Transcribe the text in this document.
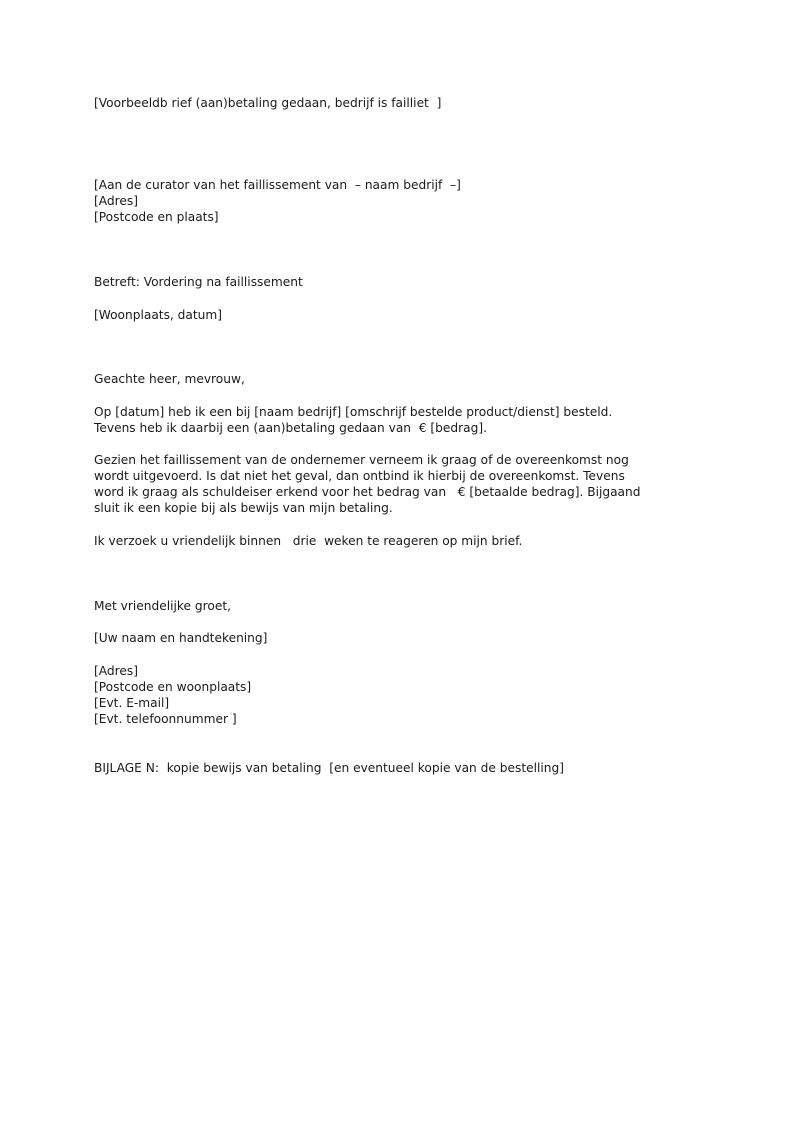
[Voorbeeldb rief (aan)betaling gedaan, bedrijf is failliet  ]
[Aan de curator van het faillissement van  – naam bedrijf  –]
[Adres]
[Postcode en plaats]
Betreft: Vordering na faillissement
[Woonplaats, datum]
Geachte heer, mevrouw,
Op [datum] heb ik een bij [naam bedrijf] [omschrijf bestelde product/dienst] besteld.
Tevens heb ik daarbij een (aan)betaling gedaan van  € [bedrag].
Gezien het faillissement van de ondernemer verneem ik graag of de overeenkomst nog
wordt uitgevoerd. Is dat niet het geval, dan ontbind ik hierbij de overeenkomst. Tevens
word ik graag als schuldeiser erkend voor het bedrag van   € [betaalde bedrag]. Bijgaand
sluit ik een kopie bij als bewijs van mijn betaling.
Ik verzoek u vriendelijk binnen   drie  weken te reageren op mijn brief.
Met vriendelijke groet,
[Uw naam en handtekening]
[Adres]
[Postcode en woonplaats]
[Evt. E-mail]
[Evt. telefoonnummer ]
BIJLAGE N:  kopie bewijs van betaling  [en eventueel kopie van de bestelling]
